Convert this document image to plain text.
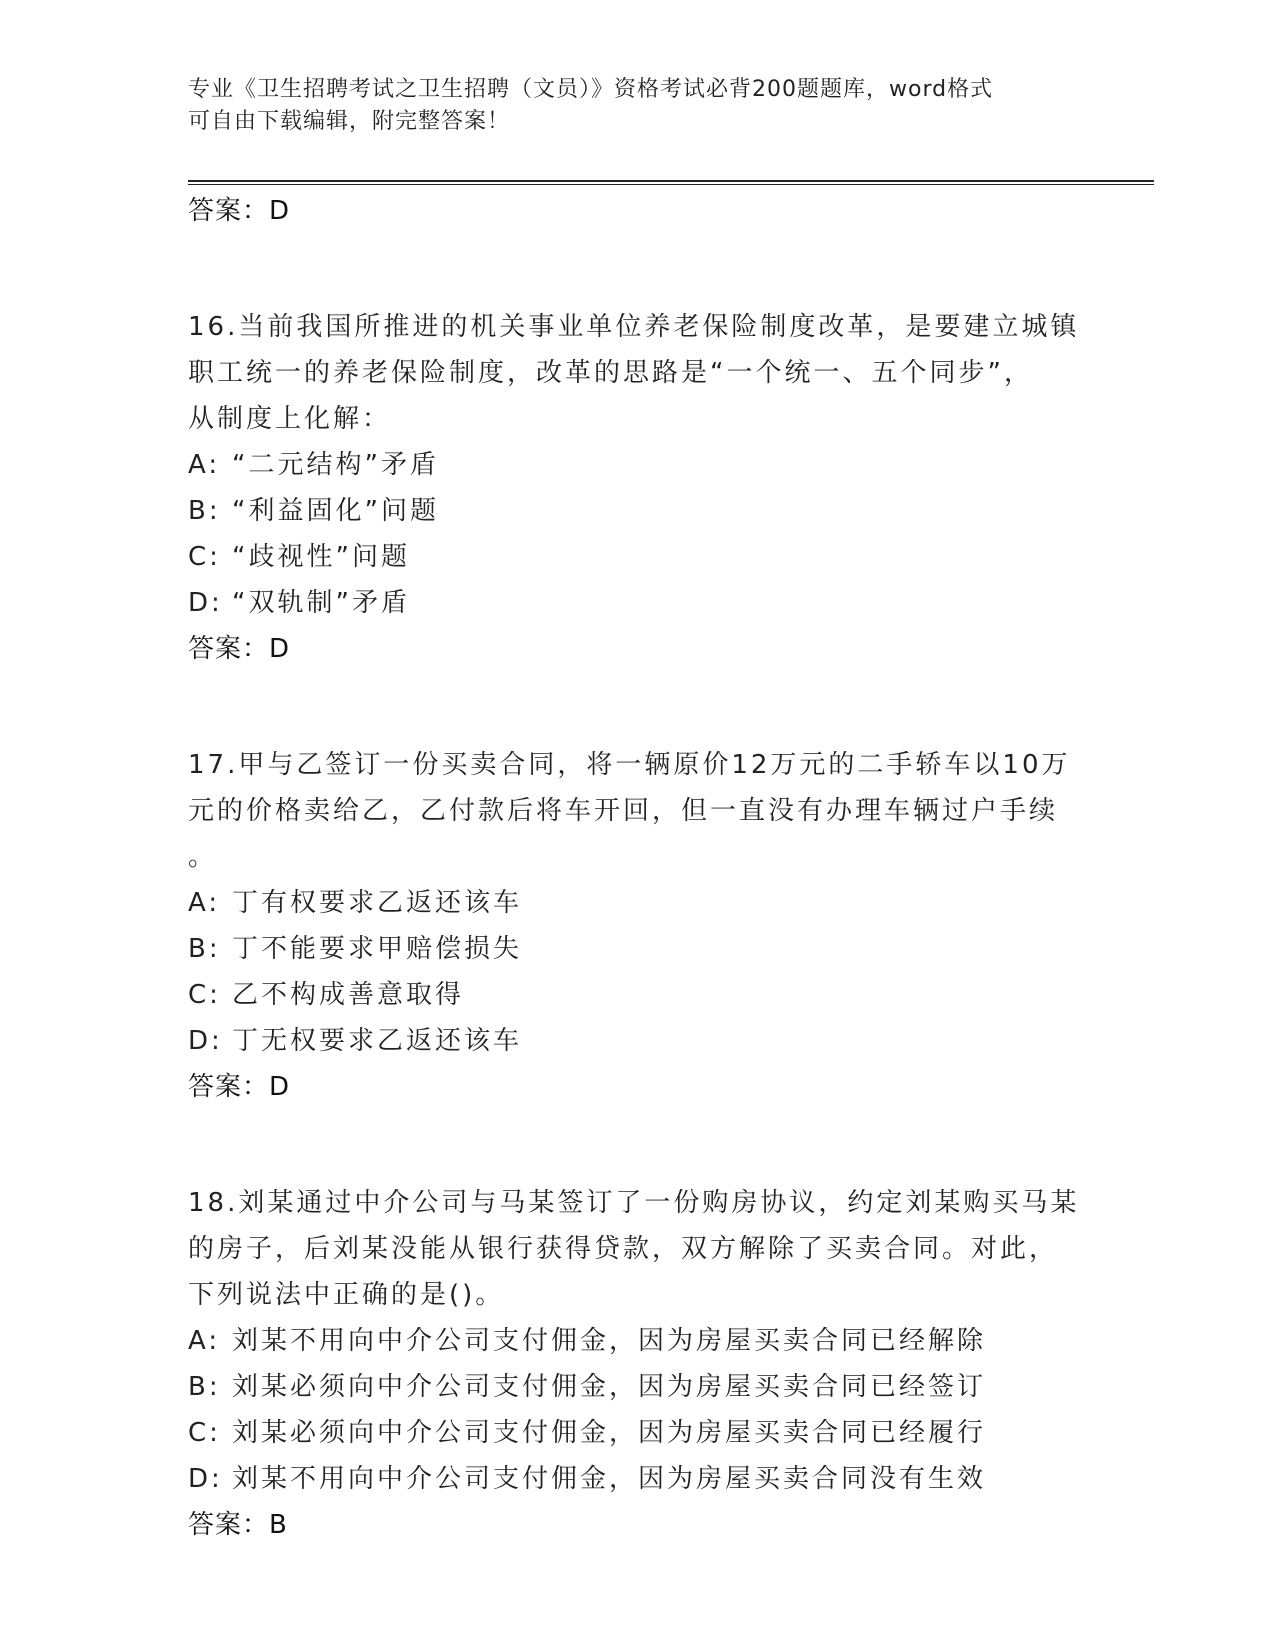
专业《卫生招聘考试之卫生招聘（文员）》资格考试必背200题题库，word格式
可自由下载编辑，附完整答案！
答案：D
16.当前我国所推进的机关事业单位养老保险制度改革，是要建立城镇
职工统一的养老保险制度，改革的思路是“一个统一、五个同步”，
从制度上化解：
A: “二元结构”矛盾
B: “利益固化”问题
C: “歧视性”问题
D: “双轨制”矛盾
答案：D
17.甲与乙签订一份买卖合同，将一辆原价12万元的二手轿车以10万
元的价格卖给乙，乙付款后将车开回，但一直没有办理车辆过户手续
。
A: 丁有权要求乙返还该车
B: 丁不能要求甲赔偿损失
C: 乙不构成善意取得
D: 丁无权要求乙返还该车
答案：D
18.刘某通过中介公司与马某签订了一份购房协议，约定刘某购买马某
的房子，后刘某没能从银行获得贷款，双方解除了买卖合同。对此，
下列说法中正确的是()。
A: 刘某不用向中介公司支付佣金，因为房屋买卖合同已经解除
B: 刘某必须向中介公司支付佣金，因为房屋买卖合同已经签订
C: 刘某必须向中介公司支付佣金，因为房屋买卖合同已经履行
D: 刘某不用向中介公司支付佣金，因为房屋买卖合同没有生效
答案：B
